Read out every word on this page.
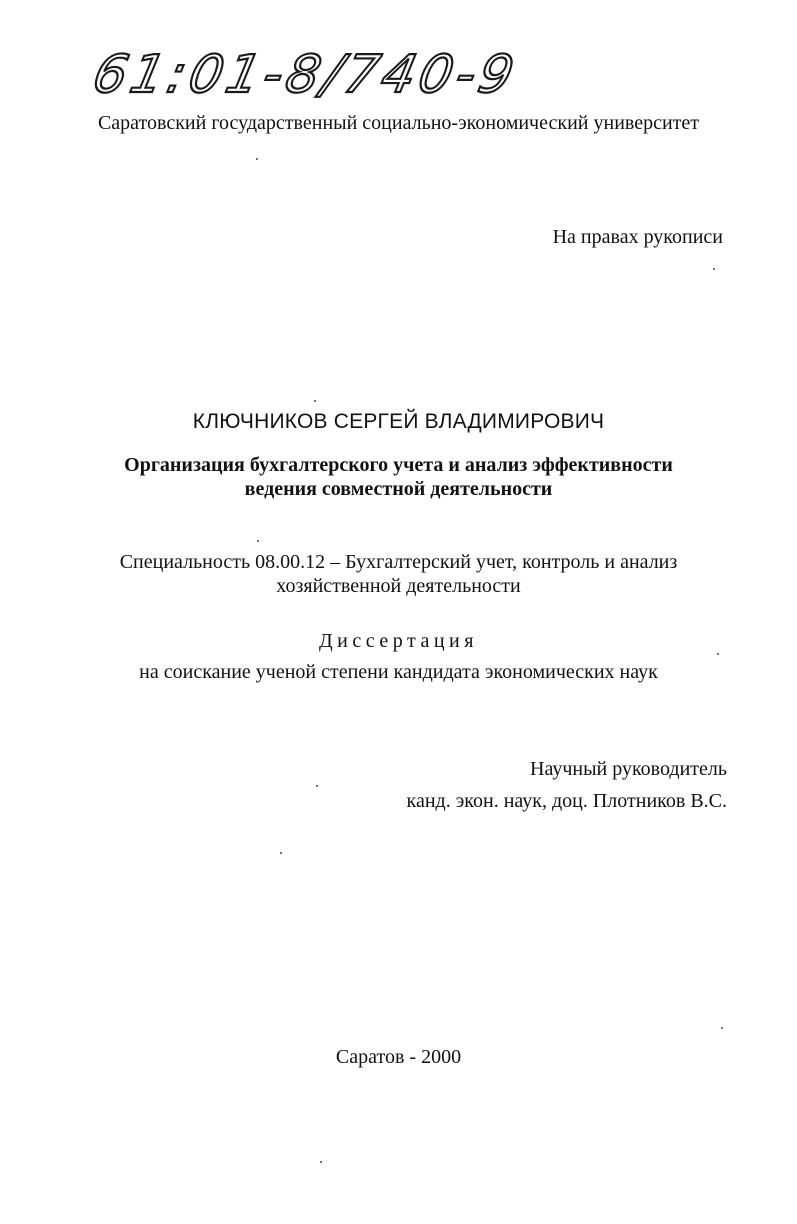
61:01-8/740-9
Саратовский государственный социально-экономический университет
На правах рукописи
КЛЮЧНИКОВ СЕРГЕЙ ВЛАДИМИРОВИЧ
Организация бухгалтерского учета и анализ эффективности
ведения совместной деятельности
Специальность 08.00.12 – Бухгалтерский учет, контроль и анализ
хозяйственной деятельности
Диссертация
на соискание ученой степени кандидата экономических наук
Научный руководитель
канд. экон. наук, доц. Плотников В.С.
Саратов - 2000
